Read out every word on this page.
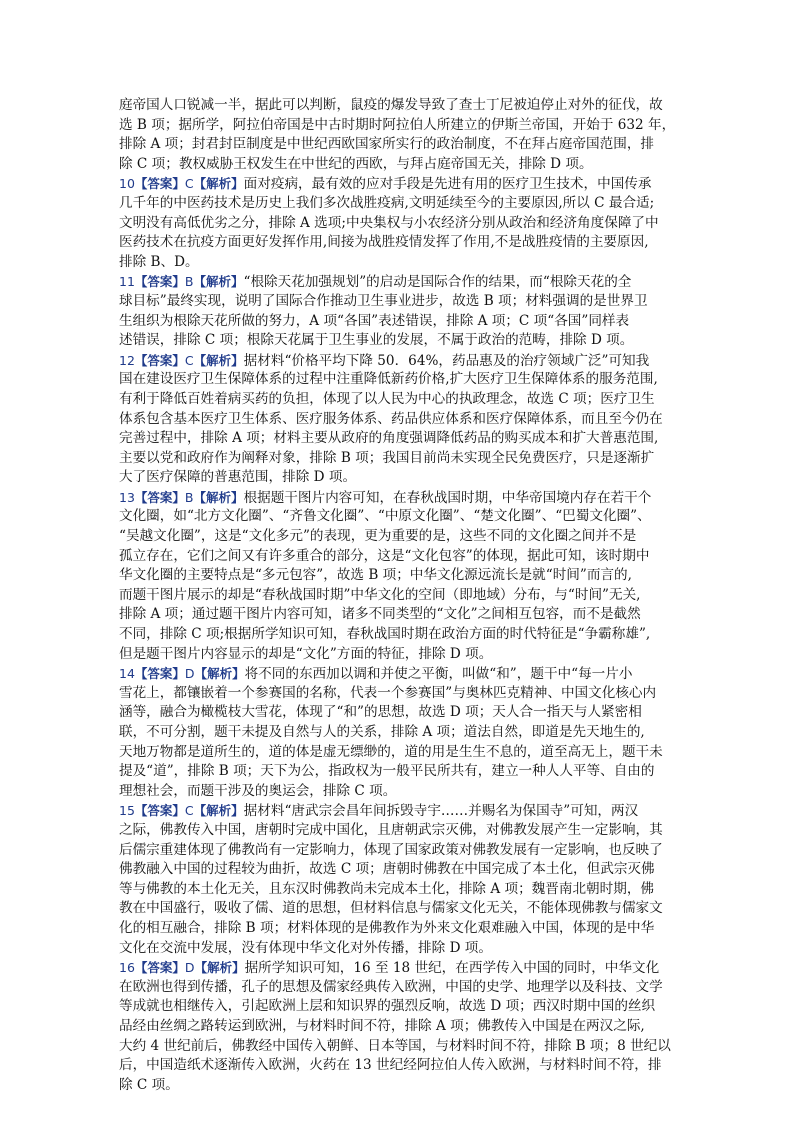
庭帝国人口锐减一半，据此可以判断，鼠疫的爆发导致了查士丁尼被迫停止对外的征伐，故
选 B 项；据所学，阿拉伯帝国是中古时期时阿拉伯人所建立的伊斯兰帝国，开始于 632 年，
排除 A 项；封君封臣制度是中世纪西欧国家所实行的政治制度，不在拜占庭帝国范围，排
除 C 项；教权威胁王权发生在中世纪的西欧，与拜占庭帝国无关，排除 D 项。
10【答案】C【解析】面对疫病，最有效的应对手段是先进有用的医疗卫生技术，中国传承
几千年的中医药技术是历史上我们多次战胜疫病,文明延续至今的主要原因,所以 C 最合适;
文明没有高低优劣之分，排除 A 选项;中央集权与小农经济分别从政治和经济角度保障了中
医药技术在抗疫方面更好发挥作用,间接为战胜疫情发挥了作用,不是战胜疫情的主要原因,
排除 B、D。
11【答案】B【解析】“根除天花加强规划”的启动是国际合作的结果，而“根除天花的全
球目标”最终实现，说明了国际合作推动卫生事业进步，故选 B 项；材料强调的是世界卫
生组织为根除天花所做的努力，A 项“各国”表述错误，排除 A 项；C 项“各国”同样表
述错误，排除 C 项；根除天花属于卫生事业的发展，不属于政治的范畴，排除 D 项。
12【答案】C【解析】据材料“价格平均下降 50．64%，药品惠及的治疗领域广泛”可知我
国在建设医疗卫生保障体系的过程中注重降低新药价格,扩大医疗卫生保障体系的服务范围,
有利于降低百姓着病买药的负担，体现了以人民为中心的执政理念，故选 C 项；医疗卫生
体系包含基本医疗卫生体系、医疗服务体系、药品供应体系和医疗保障体系，而且至今仍在
完善过程中，排除 A 项；材料主要从政府的角度强调降低药品的购买成本和扩大普惠范围,
主要以党和政府作为阐释对象，排除 B 项；我国目前尚未实现全民免费医疗，只是逐渐扩
大了医疗保障的普惠范围，排除 D 项。
13【答案】B【解析】根据题干图片内容可知，在春秋战国时期，中华帝国境内存在若干个
文化圈，如“北方文化圈”、“齐鲁文化圈”、“中原文化圈”、“楚文化圈”、“巴蜀文化圈”、
“吴越文化圈”，这是“文化多元”的表现，更为重要的是，这些不同的文化圈之间并不是
孤立存在，它们之间又有许多重合的部分，这是“文化包容”的体现，据此可知，该时期中
华文化圈的主要特点是“多元包容”，故选 B 项；中华文化源远流长是就“时间”而言的,
而题干图片展示的却是“春秋战国时期”中华文化的空间（即地域）分布，与“时间”无关,
排除 A 项；通过题干图片内容可知，诸多不同类型的“文化”之间相互包容，而不是截然
不同，排除 C 项;根据所学知识可知，春秋战国时期在政治方面的时代特征是“争霸称雄”,
但是题干图片内容显示的却是“文化”方面的特征，排除 D 项。
14【答案】D【解析】将不同的东西加以调和并使之平衡，叫做“和”，题干中“每一片小
雪花上，都镶嵌着一个参赛国的名称，代表一个参赛国”与奥林匹克精神、中国文化核心内
涵等，融合为橄榄枝大雪花，体现了“和”的思想，故选 D 项；天人合一指天与人紧密相
联，不可分割，题干未提及自然与人的关系，排除 A 项；道法自然，即道是先天地生的,
天地万物都是道所生的，道的体是虚无缥缈的，道的用是生生不息的，道至高无上，题干未
提及“道”，排除 B 项；天下为公，指政权为一般平民所共有，建立一种人人平等、自由的
理想社会，而题干涉及的奥运会，排除 C 项。
15【答案】C【解析】据材料“唐武宗会昌年间拆毁寺宇……并赐名为保国寺”可知，两汉
之际，佛教传入中国，唐朝时完成中国化，且唐朝武宗灭佛，对佛教发展产生一定影响，其
后儒宗重建体现了佛教尚有一定影响力，体现了国家政策对佛教发展有一定影响，也反映了
佛教融入中国的过程较为曲折，故选 C 项；唐朝时佛教在中国完成了本土化，但武宗灭佛
等与佛教的本土化无关，且东汉时佛教尚未完成本土化，排除 A 项；魏晋南北朝时期，佛
教在中国盛行，吸收了儒、道的思想，但材料信息与儒家文化无关，不能体现佛教与儒家文
化的相互融合，排除 B 项；材料体现的是佛教作为外来文化艰难融入中国，体现的是中华
文化在交流中发展，没有体现中华文化对外传播，排除 D 项。
16【答案】D【解析】据所学知识可知，16 至 18 世纪，在西学传入中国的同时，中华文化
在欧洲也得到传播，孔子的思想及儒家经典传入欧洲，中国的史学、地理学以及科技、文学
等成就也相继传入，引起欧洲上层和知识界的强烈反响，故选 D 项；西汉时期中国的丝织
品经由丝绸之路转运到欧洲，与材料时间不符，排除 A 项；佛教传入中国是在两汉之际,
大约 4 世纪前后，佛教经中国传入朝鲜、日本等国，与材料时间不符，排除 B 项；8 世纪以
后，中国造纸术逐渐传入欧洲，火药在 13 世纪经阿拉伯人传入欧洲，与材料时间不符，排
除 C 项。
